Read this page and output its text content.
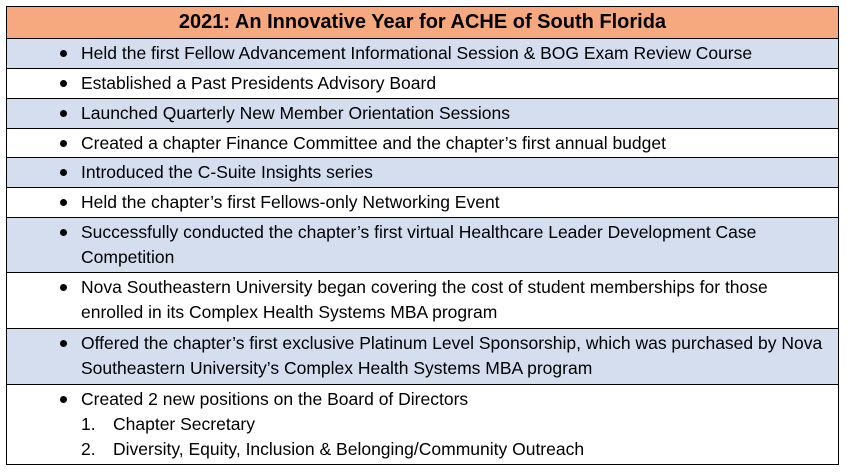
2021: An Innovative Year for ACHE of South Florida
Held the first Fellow Advancement Informational Session & BOG Exam Review Course
Established a Past Presidents Advisory Board
Launched Quarterly New Member Orientation Sessions
Created a chapter Finance Committee and the chapter’s first annual budget
Introduced the C-Suite Insights series
Held the chapter’s first Fellows-only Networking Event
Successfully conducted the chapter’s first virtual Healthcare Leader Development Case Competition
Nova Southeastern University began covering the cost of student memberships for those enrolled in its Complex Health Systems MBA program
Offered the chapter’s first exclusive Platinum Level Sponsorship, which was purchased by Nova Southeastern University’s Complex Health Systems MBA program
Created 2 new positions on the Board of Directors
1. Chapter Secretary
2. Diversity, Equity, Inclusion & Belonging/Community Outreach
